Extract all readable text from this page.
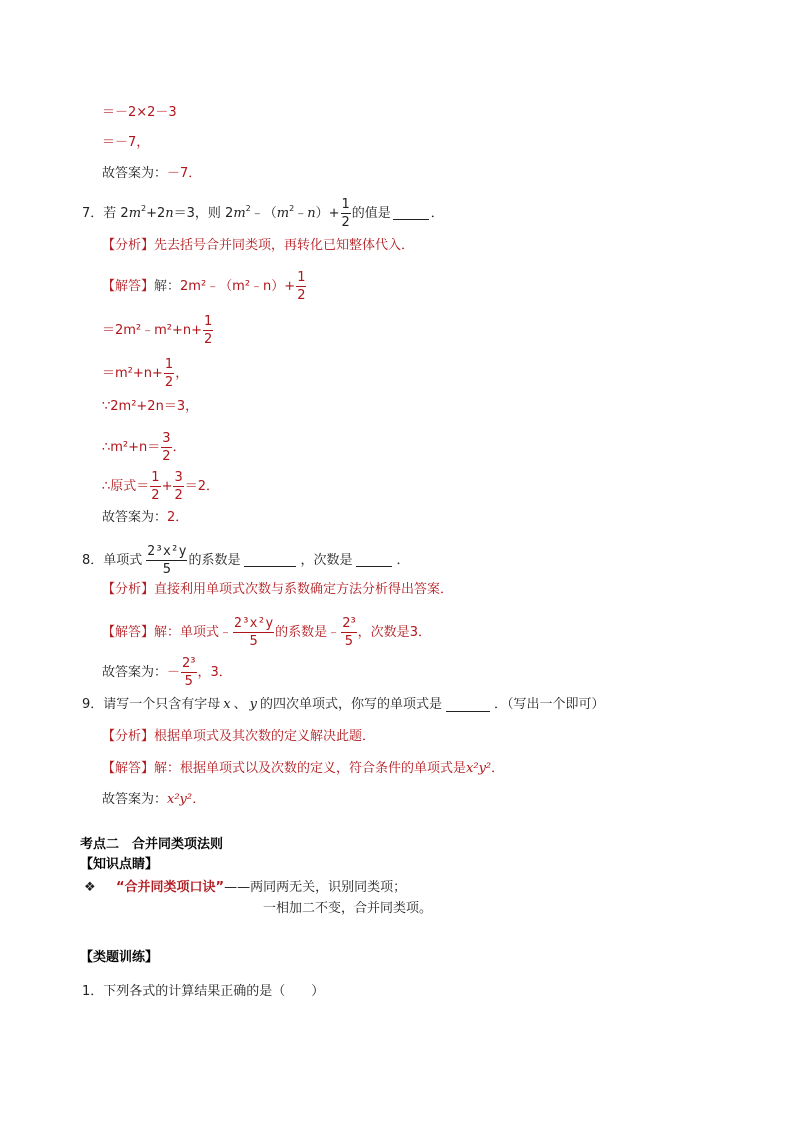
＝－2×2－3
＝－7，
故答案为： －7．
7． 若 $2m^2+2n=3$，则 $2m^2﹣(m^2﹣n)+ \frac{1}{2}$ 的值是	．
【分析】 先去括号合并同类项，再转化已知整体代入．
【解答】 解： 2m²﹣（m²﹣n）+ $\frac{1}{2}$
＝2m²﹣m²+n+ $\frac{1}{2}$
$=m^2+n+ \frac{1}{2}$ ，
∵2m²+2n＝3，
∴m²+n＝ $\frac{3}{2}$ ．
∴原式＝ $\frac{1}{2} + \frac{3}{2} =2$．
故答案为： 2．
8． 单项式 $\frac{\text{2³x²y}}{5}$ 的系数是	，次数是	．
【分析】 直接利用单项式次数与系数确定方法分析得出答案．
【解答】 解：单项式﹣ $\frac{\text{2³x²y}}{5}$ 的系数是﹣ $\frac{\text{2³}}{5}$ ，次数是 3．
故答案为： － $\frac{\text{2³}}{5}$ ， 3．
9． 请写一个只含有字母 x 、 y 的四次单项式，你写的单项式是	．（写出一个即可）
【分析】 根据单项式及其次数的定义解决此题．
【解答】 解：根据单项式以及次数的定义，符合条件的单项式是 x²y² ．
故答案为： x²y²．
考点二　合并同类项法则
【知识点睛】
❖	“合并同类项口诀” ——两同两无关，识别同类项；
一相加二不变，合并同类项。
【类题训练】
1．下列各式的计算结果正确的是（　　）
